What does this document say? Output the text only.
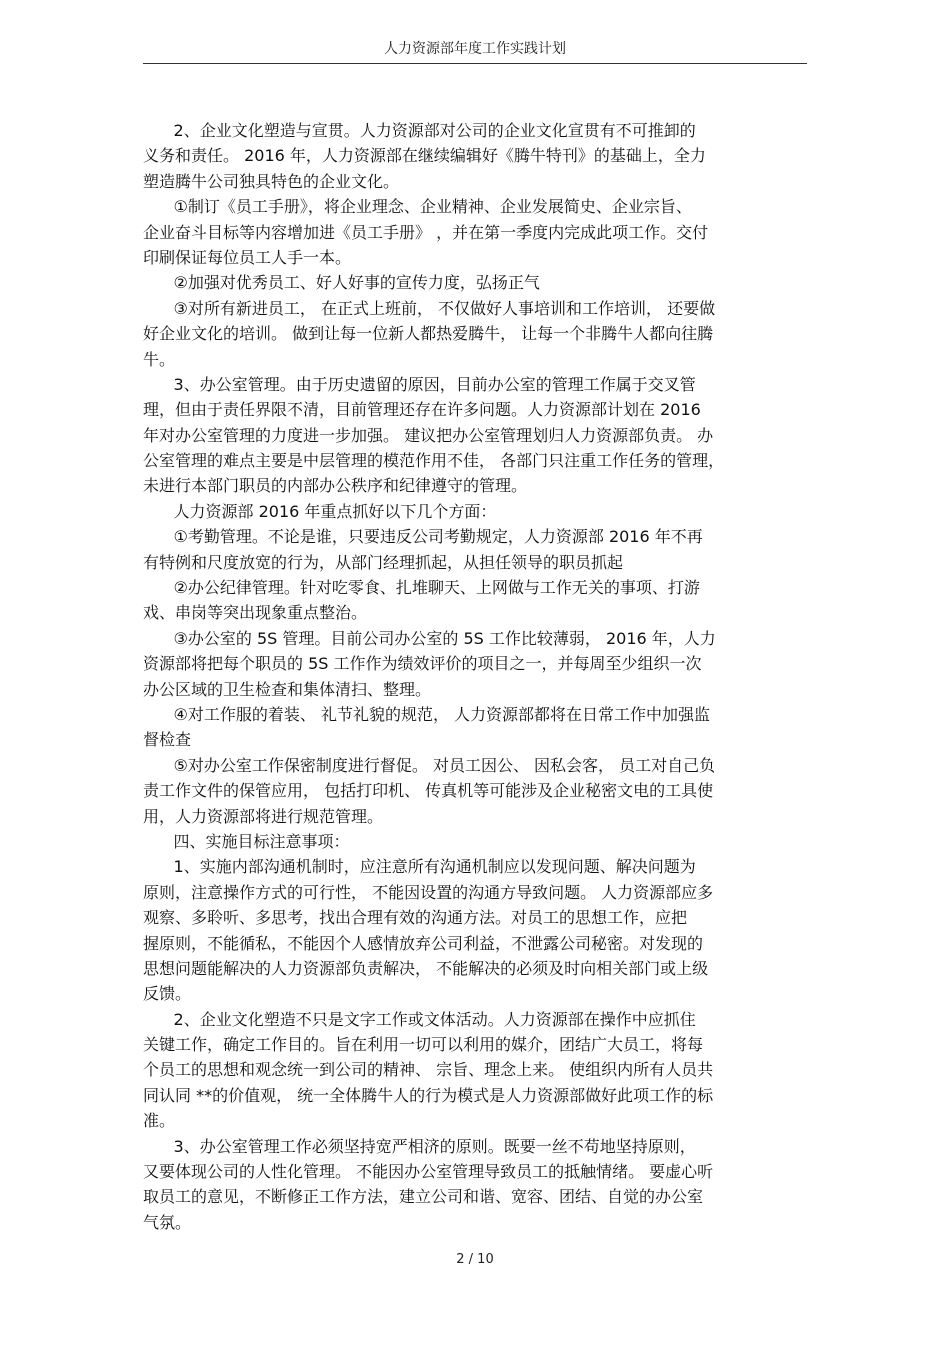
人力资源部年度工作实践计划
2、企业文化塑造与宣贯。人力资源部对公司的企业文化宣贯有不可推卸的
义务和责任。 2016 年，人力资源部在继续编辑好《腾牛特刊》的基础上，全力
塑造腾牛公司独具特色的企业文化。
①制订《员工手册》，将企业理念、企业精神、企业发展简史、企业宗旨、
企业奋斗目标等内容增加进《员工手册》 ，并在第一季度内完成此项工作。交付
印刷保证每位员工人手一本。
②加强对优秀员工、好人好事的宣传力度，弘扬正气
③对所有新进员工， 在正式上班前， 不仅做好人事培训和工作培训， 还要做
好企业文化的培训。 做到让每一位新人都热爱腾牛， 让每一个非腾牛人都向往腾
牛。
3、办公室管理。由于历史遗留的原因，目前办公室的管理工作属于交叉管
理，但由于责任界限不清，目前管理还存在许多问题。人力资源部计划在 2016
年对办公室管理的力度进一步加强。 建议把办公室管理划归人力资源部负责。 办
公室管理的难点主要是中层管理的模范作用不佳， 各部门只注重工作任务的管理，
未进行本部门职员的内部办公秩序和纪律遵守的管理。
人力资源部 2016 年重点抓好以下几个方面：
①考勤管理。不论是谁，只要违反公司考勤规定，人力资源部 2016 年不再
有特例和尺度放宽的行为，从部门经理抓起，从担任领导的职员抓起
②办公纪律管理。针对吃零食、扎堆聊天、上网做与工作无关的事项、打游
戏、串岗等突出现象重点整治。
③办公室的 5S 管理。目前公司办公室的 5S 工作比较薄弱， 2016 年，人力
资源部将把每个职员的 5S 工作作为绩效评价的项目之一，并每周至少组织一次
办公区域的卫生检查和集体清扫、整理。
④对工作服的着装、 礼节礼貌的规范， 人力资源部都将在日常工作中加强监
督检查
⑤对办公室工作保密制度进行督促。 对员工因公、 因私会客， 员工对自己负
责工作文件的保管应用， 包括打印机、 传真机等可能涉及企业秘密文电的工具使
用，人力资源部将进行规范管理。
四、实施目标注意事项：
1、实施内部沟通机制时，应注意所有沟通机制应以发现问题、解决问题为
原则，注意操作方式的可行性， 不能因设置的沟通方导致问题。 人力资源部应多
观察、多聆听、多思考，找出合理有效的沟通方法。对员工的思想工作，应把
握原则，不能循私，不能因个人感情放弃公司利益，不泄露公司秘密。对发现的
思想问题能解决的人力资源部负责解决， 不能解决的必须及时向相关部门或上级
反馈。
2、企业文化塑造不只是文字工作或文体活动。人力资源部在操作中应抓住
关键工作，确定工作目的。旨在利用一切可以利用的媒介，团结广大员工，将每
个员工的思想和观念统一到公司的精神、 宗旨、理念上来。 使组织内所有人员共
同认同 **的价值观， 统一全体腾牛人的行为模式是人力资源部做好此项工作的标
准。
3、办公室管理工作必须坚持宽严相济的原则。既要一丝不苟地坚持原则，
又要体现公司的人性化管理。 不能因办公室管理导致员工的抵触情绪。 要虚心听
取员工的意见，不断修正工作方法，建立公司和谐、宽容、团结、自觉的办公室
气氛。
2 / 10
